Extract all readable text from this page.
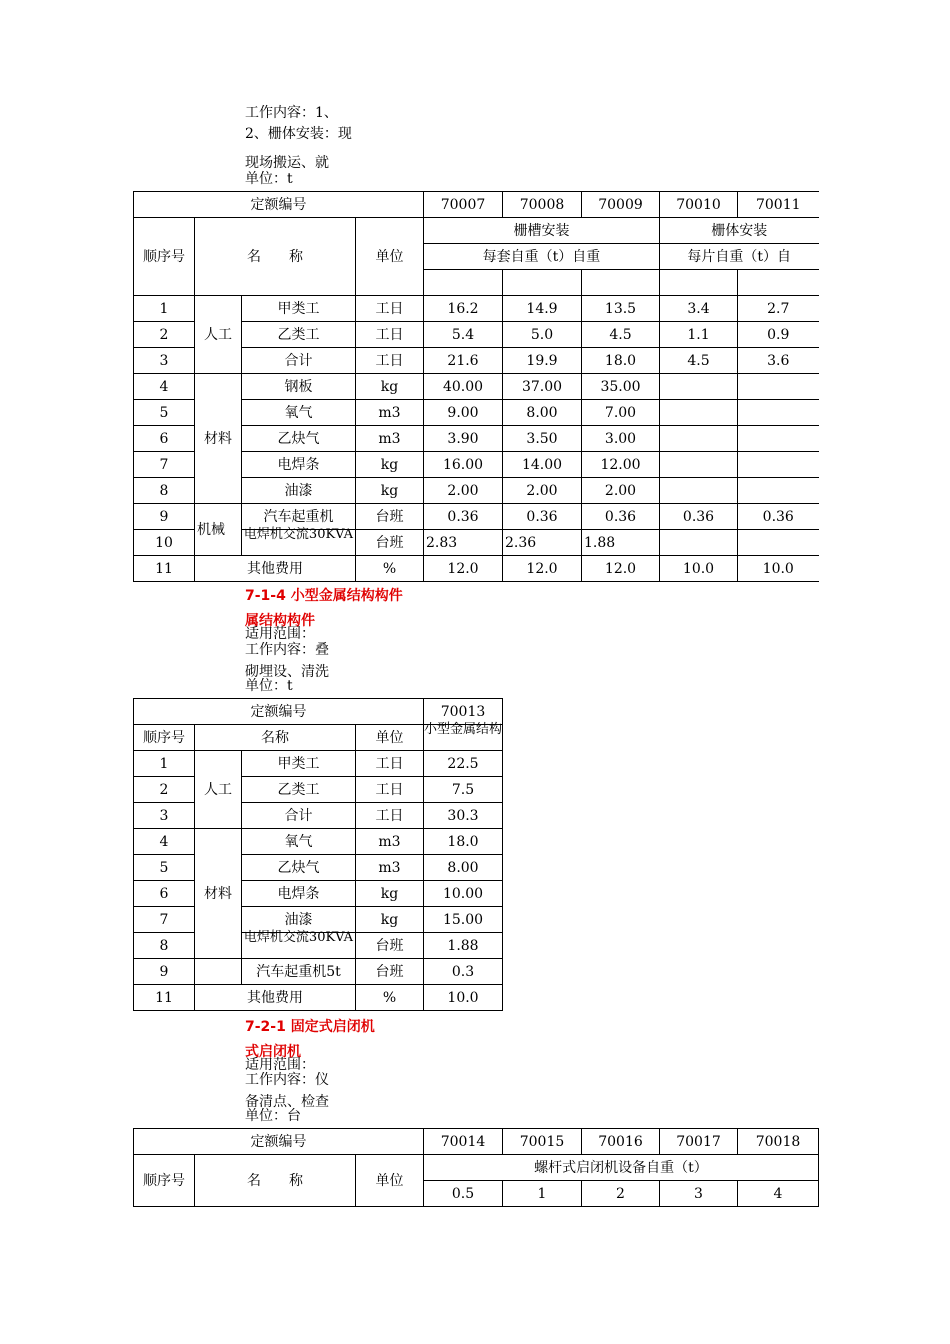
工作内容：1、
2、栅体安装：现
现场搬运、就
单位：t
定额编号				70007	70008	70009	70010	70011
顺序号	名　　称		单位	栅槽安装			栅体安装	
				每套自重（t）自重			每片自重（t）自	

1	人工	甲类工	工日	16.2	14.9	13.5	3.4	2.7
2		乙类工	工日	5.4	5.0	4.5	1.1	0.9
3		合计	工日	21.6	19.9	18.0	4.5	3.6
4	材料	钢板	kg	40.00	37.00	35.00		
5		氧气	m3	9.00	8.00	7.00		
6		乙炔气	m3	3.90	3.50	3.00		
7		电焊条	kg	16.00	14.00	12.00		
8		油漆	kg	2.00	2.00	2.00		
9	机械	汽车起重机	台班	0.36	0.36	0.36	0.36	0.36
10		电焊机交流30KVA	台班	2.83	2.36	1.88		
11	其他费用		%	12.0	12.0	12.0	10.0	10.0
7-1-4 小型金属结构构件
属结构构件
适用范围：
工作内容：叠
砌埋设、清洗
单位：t
定额编号				70013
顺序号	名称		单位	小型金属结构

1	人工	甲类工	工日	22.5
2		乙类工	工日	7.5
3		合计	工日	30.3
4	材料	氧气	m3	18.0
5		乙炔气	m3	8.00
6		电焊条	kg	10.00
7		油漆	kg	15.00
8		电焊机交流30KVA	台班	1.88
9		汽车起重机5t	台班	0.3
11	其他费用		%	10.0
7-2-1 固定式启闭机
式启闭机
适用范围：
工作内容：仪
备清点、检查
单位：台
定额编号			70014	70015	70016	70017	70018
顺序号	名　　称	单位	螺杆式启闭机设备自重（t）				
			0.5	1	2	3	4
